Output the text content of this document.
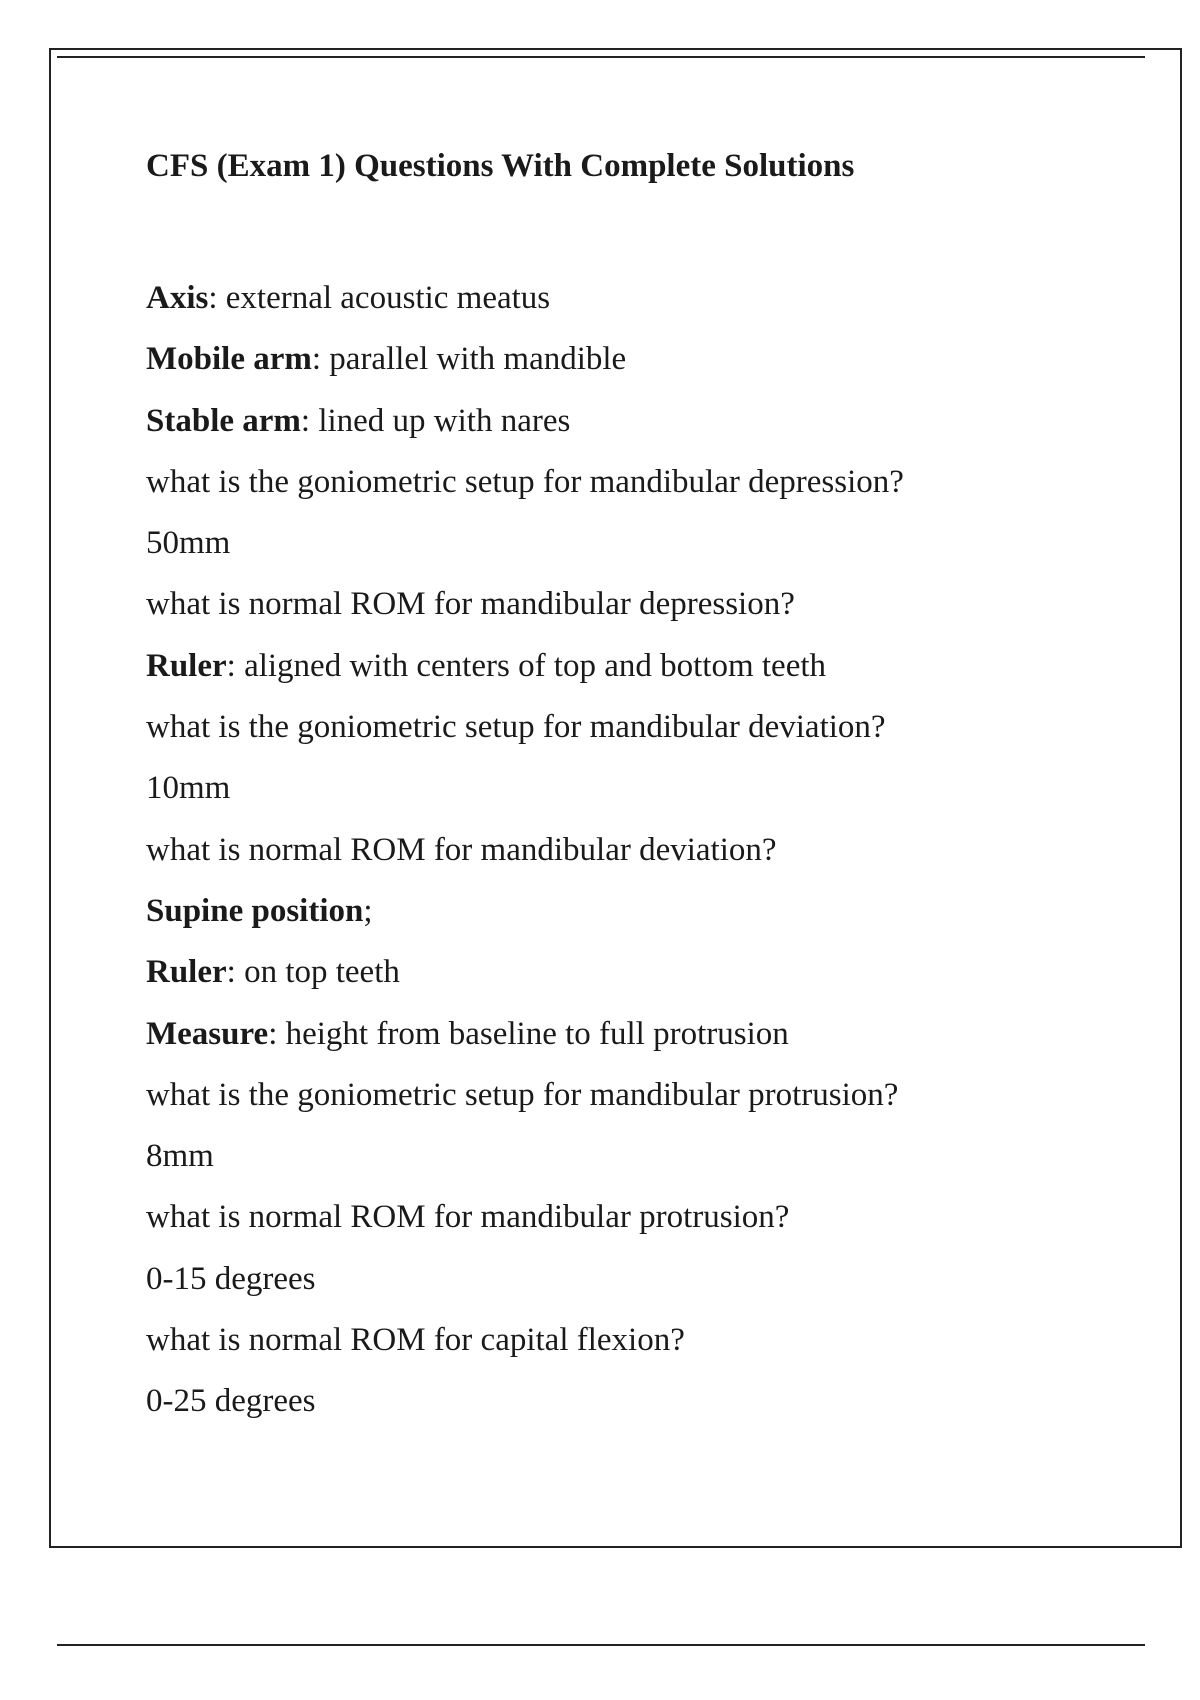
CFS (Exam 1) Questions With Complete Solutions
Axis: external acoustic meatus
Mobile arm: parallel with mandible
Stable arm: lined up with nares
what is the goniometric setup for mandibular depression?
50mm
what is normal ROM for mandibular depression?
Ruler: aligned with centers of top and bottom teeth
what is the goniometric setup for mandibular deviation?
10mm
what is normal ROM for mandibular deviation?
Supine position;
Ruler: on top teeth
Measure: height from baseline to full protrusion
what is the goniometric setup for mandibular protrusion?
8mm
what is normal ROM for mandibular protrusion?
0-15 degrees
what is normal ROM for capital flexion?
0-25 degrees
